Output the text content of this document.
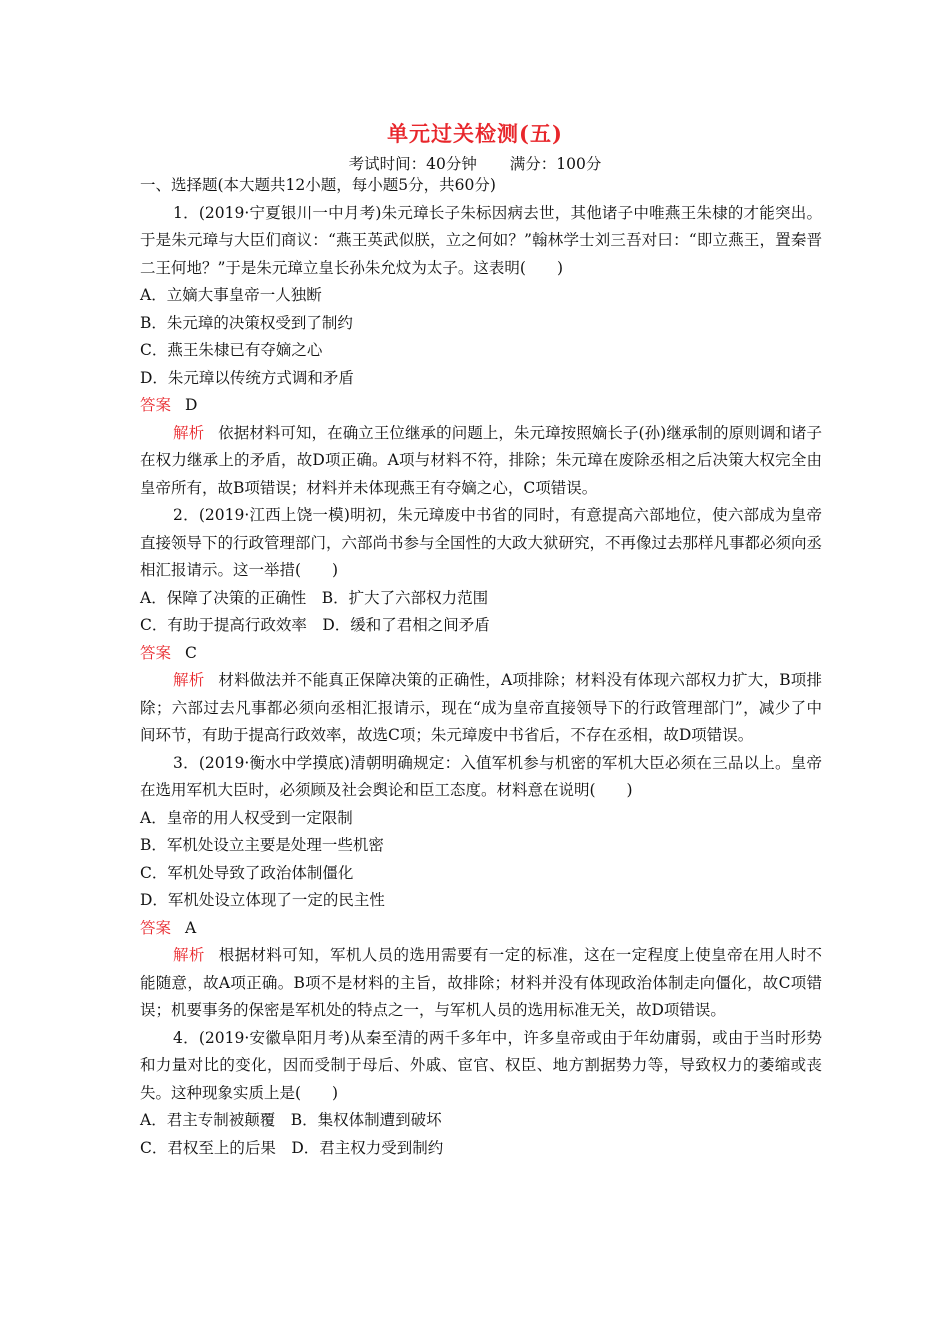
单元过关检测(五)
考试时间：40分钟 满分：100分

一、选择题(本大题共12小题，每小题5分，共60分)

1．(2019·宁夏银川一中月考)朱元璋长子朱标因病去世，其他诸子中唯燕王朱棣的才能突出。于是朱元璋与大臣们商议：“燕王英武似朕，立之何如？”翰林学士刘三吾对曰：“即立燕王，置秦晋二王何地？”于是朱元璋立皇长孙朱允炆为太子。这表明(　　)

A．立嫡大事皇帝一人独断

B．朱元璋的决策权受到了制约

C．燕王朱棣已有夺嫡之心

D．朱元璋以传统方式调和矛盾

答案 D

解析 依据材料可知，在确立王位继承的问题上，朱元璋按照嫡长子(孙)继承制的原则调和诸子在权力继承上的矛盾，故D项正确。A项与材料不符，排除；朱元璋在废除丞相之后决策大权完全由皇帝所有，故B项错误；材料并未体现燕王有夺嫡之心，C项错误。

2．(2019·江西上饶一模)明初，朱元璋废中书省的同时，有意提高六部地位，使六部成为皇帝直接领导下的行政管理部门，六部尚书参与全国性的大政大狱研究，不再像过去那样凡事都必须向丞相汇报请示。这一举措(　　)

A．保障了决策的正确性　B．扩大了六部权力范围

C．有助于提高行政效率　D．缓和了君相之间矛盾

答案 C

解析 材料做法并不能真正保障决策的正确性，A项排除；材料没有体现六部权力扩大，B项排除；六部过去凡事都必须向丞相汇报请示，现在“成为皇帝直接领导下的行政管理部门”，减少了中间环节，有助于提高行政效率，故选C项；朱元璋废中书省后，不存在丞相，故D项错误。

3．(2019·衡水中学摸底)清朝明确规定：入值军机参与机密的军机大臣必须在三品以上。皇帝在选用军机大臣时，必须顾及社会舆论和臣工态度。材料意在说明(　　)

A．皇帝的用人权受到一定限制

B．军机处设立主要是处理一些机密

C．军机处导致了政治体制僵化

D．军机处设立体现了一定的民主性

答案 A

解析 根据材料可知，军机人员的选用需要有一定的标准，这在一定程度上使皇帝在用人时不能随意，故A项正确。B项不是材料的主旨，故排除；材料并没有体现政治体制走向僵化，故C项错误；机要事务的保密是军机处的特点之一，与军机人员的选用标准无关，故D项错误。

4．(2019·安徽阜阳月考)从秦至清的两千多年中，许多皇帝或由于年幼庸弱，或由于当时形势和力量对比的变化，因而受制于母后、外戚、宦官、权臣、地方割据势力等，导致权力的萎缩或丧失。这种现象实质上是(　　)

A．君主专制被颠覆　B．集权体制遭到破坏

C．君权至上的后果　D．君主权力受到制约
